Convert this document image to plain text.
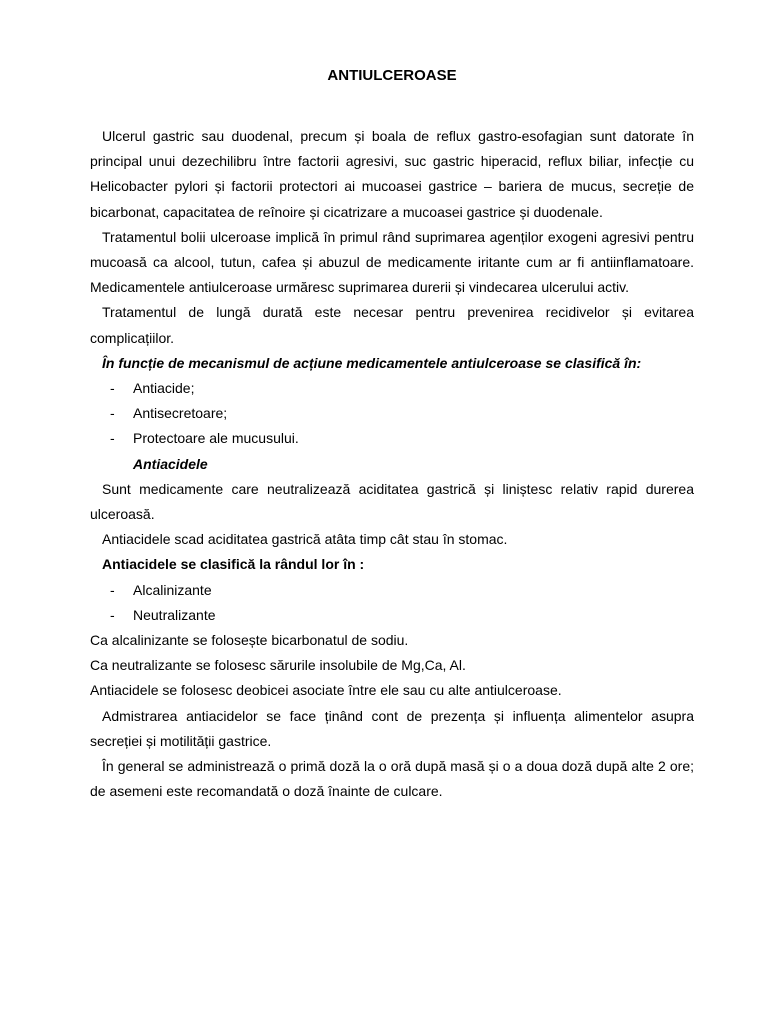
ANTIULCEROASE

Ulcerul gastric sau duodenal, precum și boala de reflux gastro-esofagian sunt datorate în principal unui dezechilibru între factorii agresivi, suc gastric hiperacid, reflux biliar, infecție cu Helicobacter pylori și factorii protectori ai mucoasei gastrice – bariera de mucus, secreție de bicarbonat, capacitatea de reînoire și cicatrizare a mucoasei gastrice și duodenale.

Tratamentul bolii ulceroase implică în primul rând suprimarea agenților exogeni agresivi pentru mucoasă ca alcool, tutun, cafea și abuzul de medicamente iritante cum ar fi antiinflamatoare. Medicamentele antiulceroase urmăresc suprimarea durerii și vindecarea ulcerului activ.

Tratamentul de lungă durată este necesar pentru prevenirea recidivelor și evitarea complicațiilor.

În funcție de mecanismul de acțiune medicamentele antiulceroase se clasifică în:

- Antiacide;
- Antisecretoare;
- Protectoare ale mucusului.
Antiacidele

Sunt medicamente care neutralizează aciditatea gastrică și liniștesc relativ rapid durerea ulceroasă.

Antiacidele scad aciditatea gastrică atâta timp cât stau în stomac.

Antiacidele se clasifică la rândul lor în :

- Alcalinizante
- Neutralizante

Ca alcalinizante se folosește bicarbonatul de sodiu.

Ca neutralizante se folosesc sărurile insolubile de Mg,Ca, Al.

Antiacidele se folosesc deobicei asociate între ele sau cu alte antiulceroase.

Admistrarea antiacidelor se face ținând cont de prezența și influența alimentelor asupra secreției și motilității gastrice.

În general se administrează o primă doză la o oră după masă și o a doua doză după alte 2 ore; de asemeni este recomandată o doză înainte de culcare.
